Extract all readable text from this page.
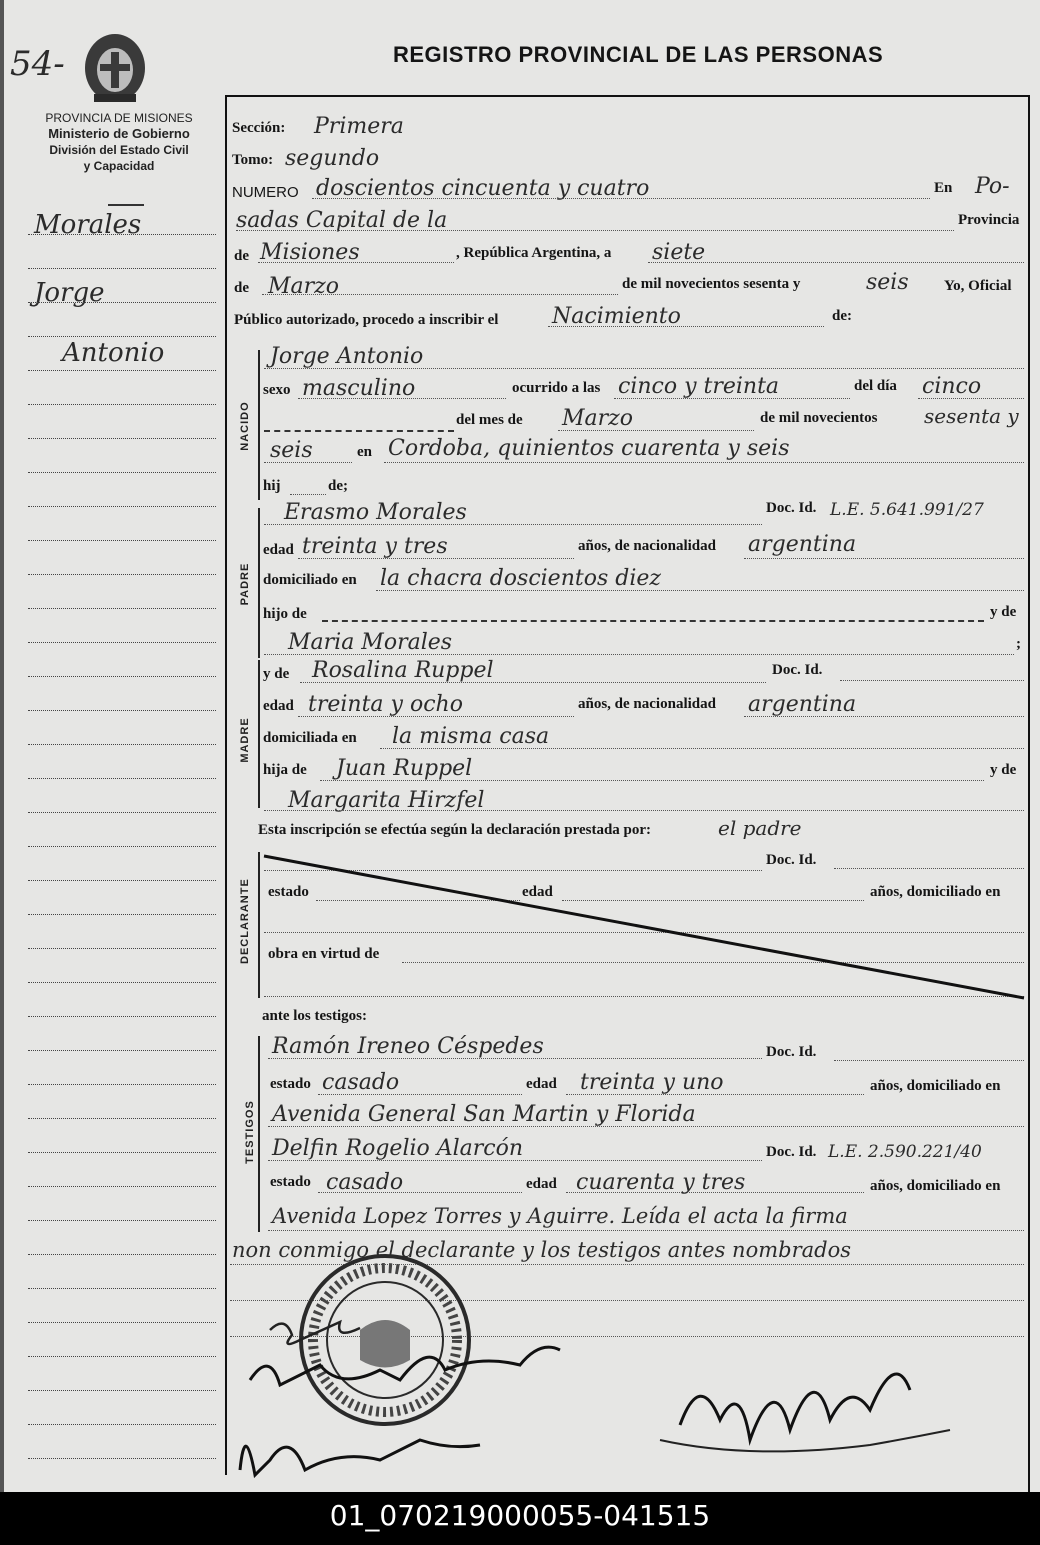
54-	REGISTRO PROVINCIAL DE LAS PERSONAS
PROVINCIA DE MISIONES
Ministerio de Gobierno
División del Estado Civil
y Capacidad
Morales
Jorge
Antonio
Sección: Primera
Tomo: segundo
NUMERO doscientos cincuenta y cuatro	En Po-
sadas Capital de la	Provincia
de Misiones	, República Argentina, a siete
de Marzo	de mil novecientos sesenta y	seis Yo, Oficial
Público autorizado, procedo a inscribir el Nacimiento	de:
NACIDO
Jorge Antonio
sexo masculino	ocurrido a las cinco y treinta	del día cinco
del mes de Marzo	de mil novecientos sesenta y
seis	en Cordoba, quinientos cuarenta y seis
hij	de;
PADRE
Erasmo Morales	Doc. Id. L.E. 5.641.991/27
edad treinta y tres	años, de nacionalidad argentina
domiciliado en la chacra doscientos diez
hijo de	y de
Maria Morales	;
MADRE
y de Rosalina Ruppel	Doc. Id.
edad treinta y ocho	años, de nacionalidad argentina
domiciliada en la misma casa
hija de Juan Ruppel	y de
Margarita Hirzfel
Esta inscripción se efectúa según la declaración prestada por:	el padre
DECLARANTE
Doc. Id.
estado	edad	años, domiciliado en
obra en virtud de
ante los testigos:
TESTIGOS
Ramón Ireneo Céspedes	Doc. Id.
estado casado	edad treinta y uno	años, domiciliado en
Avenida General San Martin y Florida
Delfin Rogelio Alarcón	Doc. Id. L.E. 2.590.221/40
estado casado	edad cuarenta y tres	años, domiciliado en
Avenida Lopez Torres y Aguirre. Leída el acta la firma
non conmigo el declarante y los testigos antes nombrados
01_070219000055-041515
